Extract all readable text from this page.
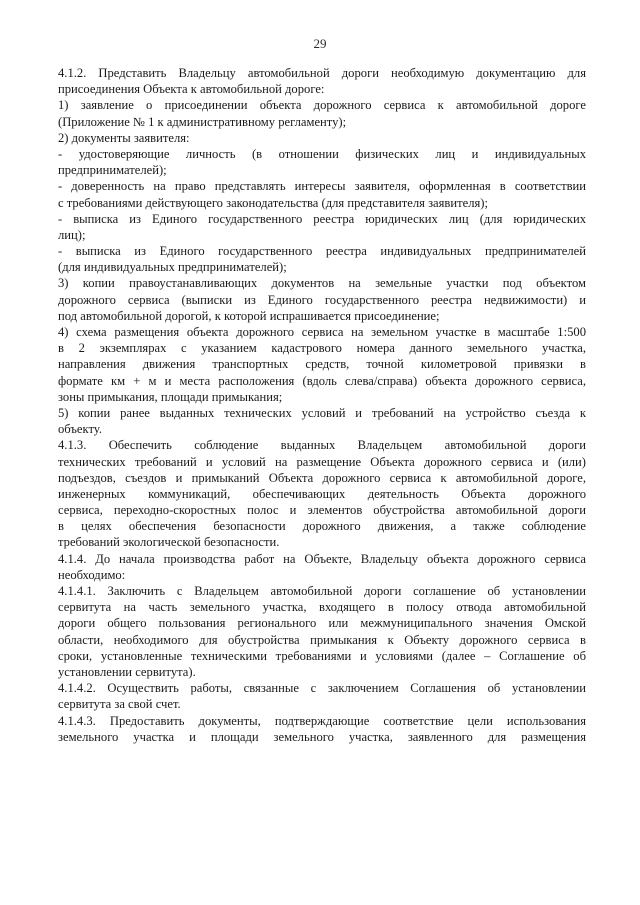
29
4.1.2. Представить Владельцу автомобильной дороги необходимую документацию для
присоединения Объекта к автомобильной дороге:
1) заявление о присоединении объекта дорожного сервиса к автомобильной дороге
(Приложение № 1 к административному регламенту);
2) документы заявителя:
- удостоверяющие личность (в отношении физических лиц и индивидуальных
предпринимателей);
- доверенность на право представлять интересы заявителя, оформленная в соответствии
с требованиями действующего законодательства (для представителя заявителя);
- выписка из Единого государственного реестра юридических лиц (для юридических
лиц);
- выписка из Единого государственного реестра индивидуальных предпринимателей
(для индивидуальных предпринимателей);
3) копии правоустанавливающих документов на земельные участки под объектом
дорожного сервиса (выписки из Единого государственного реестра недвижимости) и
под автомобильной дорогой, к которой испрашивается присоединение;
4) схема размещения объекта дорожного сервиса на земельном участке в масштабе 1:500
в 2 экземплярах с указанием кадастрового номера данного земельного участка,
направления движения транспортных средств, точной километровой привязки в
формате км + м и места расположения (вдоль слева/справа) объекта дорожного сервиса,
зоны примыкания, площади примыкания;
5) копии ранее выданных технических условий и требований на устройство съезда к
объекту.
4.1.3. Обеспечить соблюдение выданных Владельцем автомобильной дороги
технических требований и условий на размещение Объекта дорожного сервиса и (или)
подъездов, съездов и примыканий Объекта дорожного сервиса к автомобильной дороге,
инженерных коммуникаций, обеспечивающих деятельность Объекта дорожного
сервиса, переходно-скоростных полос и элементов обустройства автомобильной дороги
в целях обеспечения безопасности дорожного движения, а также соблюдение
требований экологической безопасности.
4.1.4. До начала производства работ на Объекте, Владельцу объекта дорожного сервиса
необходимо:
4.1.4.1. Заключить с Владельцем автомобильной дороги соглашение об установлении
сервитута на часть земельного участка, входящего в полосу отвода автомобильной
дороги общего пользования регионального или межмуниципального значения Омской
области, необходимого для обустройства примыкания к Объекту дорожного сервиса в
сроки, установленные техническими требованиями и условиями (далее – Соглашение об
установлении сервитута).
4.1.4.2. Осуществить работы, связанные с заключением Соглашения об установлении
сервитута за свой счет.
4.1.4.3. Предоставить документы, подтверждающие соответствие цели использования
земельного участка и площади земельного участка, заявленного для размещения
